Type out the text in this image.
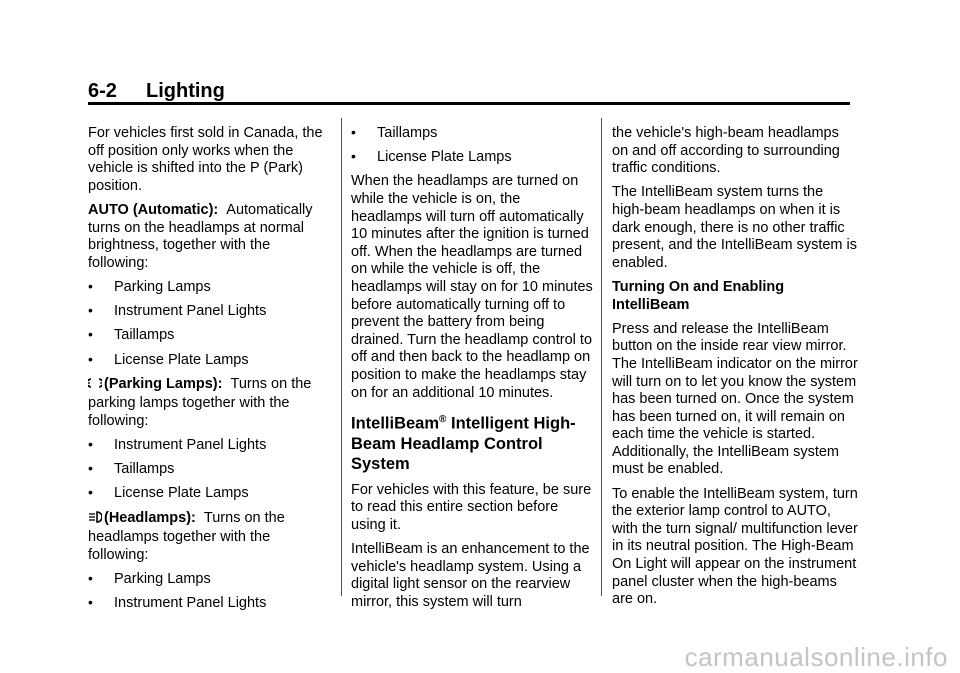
6-2 Lighting

For vehicles first sold in Canada, the off position only works when the vehicle is shifted into the P (Park) position.

AUTO (Automatic): Automatically turns on the headlamps at normal brightness, together with the following:

• Parking Lamps
• Instrument Panel Lights
• Taillamps
• License Plate Lamps

(Parking Lamps): Turns on the parking lamps together with the following:

• Instrument Panel Lights
• Taillamps
• License Plate Lamps

(Headlamps): Turns on the headlamps together with the following:

• Parking Lamps
• Instrument Panel Lights
• Taillamps
• License Plate Lamps

When the headlamps are turned on while the vehicle is on, the headlamps will turn off automatically 10 minutes after the ignition is turned off. When the headlamps are turned on while the vehicle is off, the headlamps will stay on for 10 minutes before automatically turning off to prevent the battery from being drained. Turn the headlamp control to off and then back to the headlamp on position to make the headlamps stay on for an additional 10 minutes.

IntelliBeam® Intelligent High-Beam Headlamp Control System

For vehicles with this feature, be sure to read this entire section before using it.

IntelliBeam is an enhancement to the vehicle's headlamp system. Using a digital light sensor on the rearview mirror, this system will turn

the vehicle's high-beam headlamps on and off according to surrounding traffic conditions.

The IntelliBeam system turns the high-beam headlamps on when it is dark enough, there is no other traffic present, and the IntelliBeam system is enabled.

Turning On and Enabling IntelliBeam

Press and release the IntelliBeam button on the inside rear view mirror. The IntelliBeam indicator on the mirror will turn on to let you know the system has been turned on. Once the system has been turned on, it will remain on each time the vehicle is started. Additionally, the IntelliBeam system must be enabled.

To enable the IntelliBeam system, turn the exterior lamp control to AUTO, with the turn signal/ multifunction lever in its neutral position. The High-Beam On Light will appear on the instrument panel cluster when the high-beams are on.

carmanualsonline.info
